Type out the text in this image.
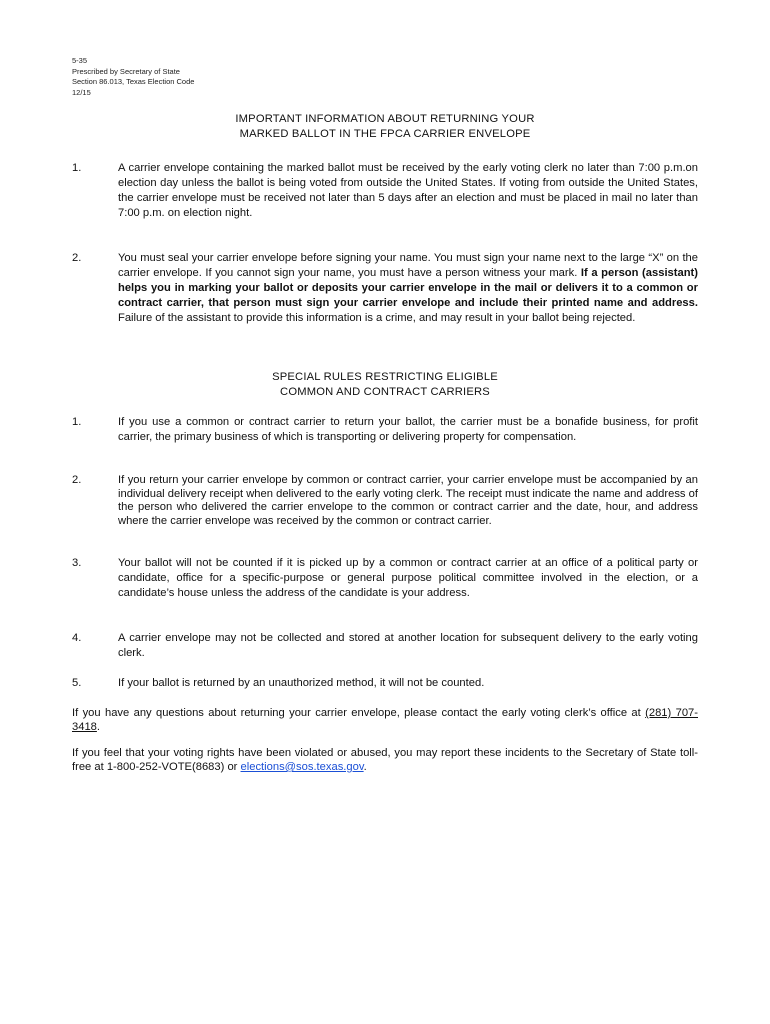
5-35
Prescribed by Secretary of State
Section 86.013, Texas Election Code
12/15
IMPORTANT INFORMATION ABOUT RETURNING YOUR
MARKED BALLOT IN THE FPCA CARRIER ENVELOPE
1.	A carrier envelope containing the marked ballot must be received by the early voting clerk no later than 7:00 p.m.on election day unless the ballot is being voted from outside the United States. If voting from outside the United States, the carrier envelope must be received not later than 5 days after an election and must be placed in mail no later than 7:00 p.m. on election night.
2.	You must seal your carrier envelope before signing your name. You must sign your name next to the large “X” on the carrier envelope. If you cannot sign your name, you must have a person witness your mark. If a person (assistant) helps you in marking your ballot or deposits your carrier envelope in the mail or delivers it to a common or contract carrier, that person must sign your carrier envelope and include their printed name and address. Failure of the assistant to provide this information is a crime, and may result in your ballot being rejected.
SPECIAL RULES RESTRICTING ELIGIBLE
COMMON AND CONTRACT CARRIERS
1.	If you use a common or contract carrier to return your ballot, the carrier must be a bonafide business, for profit carrier, the primary business of which is transporting or delivering property for compensation.
2.	If you return your carrier envelope by common or contract carrier, your carrier envelope must be accompanied by an individual delivery receipt when delivered to the early voting clerk. The receipt must indicate the name and address of the person who delivered the carrier envelope to the common or contract carrier and the date, hour, and address where the carrier envelope was received by the common or contract carrier.
3.	Your ballot will not be counted if it is picked up by a common or contract carrier at an office of a political party or candidate, office for a specific-purpose or general purpose political committee involved in the election, or a candidate’s house unless the address of the candidate is your address.
4.	A carrier envelope may not be collected and stored at another location for subsequent delivery to the early voting clerk.
5.	If your ballot is returned by an unauthorized method, it will not be counted.
If you have any questions about returning your carrier envelope, please contact the early voting clerk’s office at (281) 707-3418.
If you feel that your voting rights have been violated or abused, you may report these incidents to the Secretary of State toll-free at 1-800-252-VOTE(8683) or elections@sos.texas.gov.
